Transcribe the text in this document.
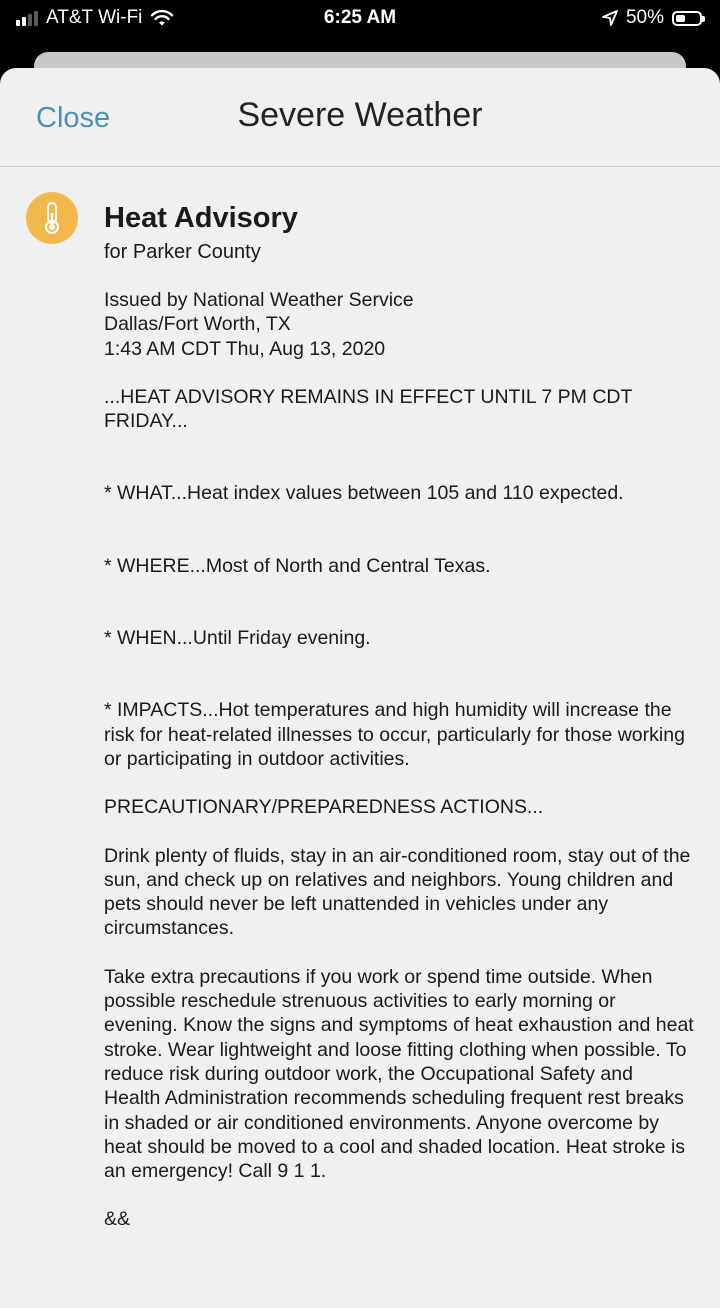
AT&T Wi-Fi	6:25 AM	50%
Close	Severe Weather
Heat Advisory

for Parker County

Issued by National Weather Service

Dallas/Fort Worth, TX

1:43 AM CDT Thu, Aug 13, 2020

...HEAT ADVISORY REMAINS IN EFFECT UNTIL 7 PM CDT FRIDAY...

* WHAT...Heat index values between 105 and 110 expected.

* WHERE...Most of North and Central Texas.

* WHEN...Until Friday evening.

* IMPACTS...Hot temperatures and high humidity will increase the risk for heat-related illnesses to occur, particularly for those working or participating in outdoor activities.

PRECAUTIONARY/PREPAREDNESS ACTIONS...

Drink plenty of fluids, stay in an air-conditioned room, stay out of the sun, and check up on relatives and neighbors. Young children and pets should never be left unattended in vehicles under any circumstances.

Take extra precautions if you work or spend time outside. When possible reschedule strenuous activities to early morning or evening. Know the signs and symptoms of heat exhaustion and heat stroke. Wear lightweight and loose fitting clothing when possible. To reduce risk during outdoor work, the Occupational Safety and Health Administration recommends scheduling frequent rest breaks in shaded or air conditioned environments. Anyone overcome by heat should be moved to a cool and shaded location. Heat stroke is an emergency! Call 9 1 1.

&&
